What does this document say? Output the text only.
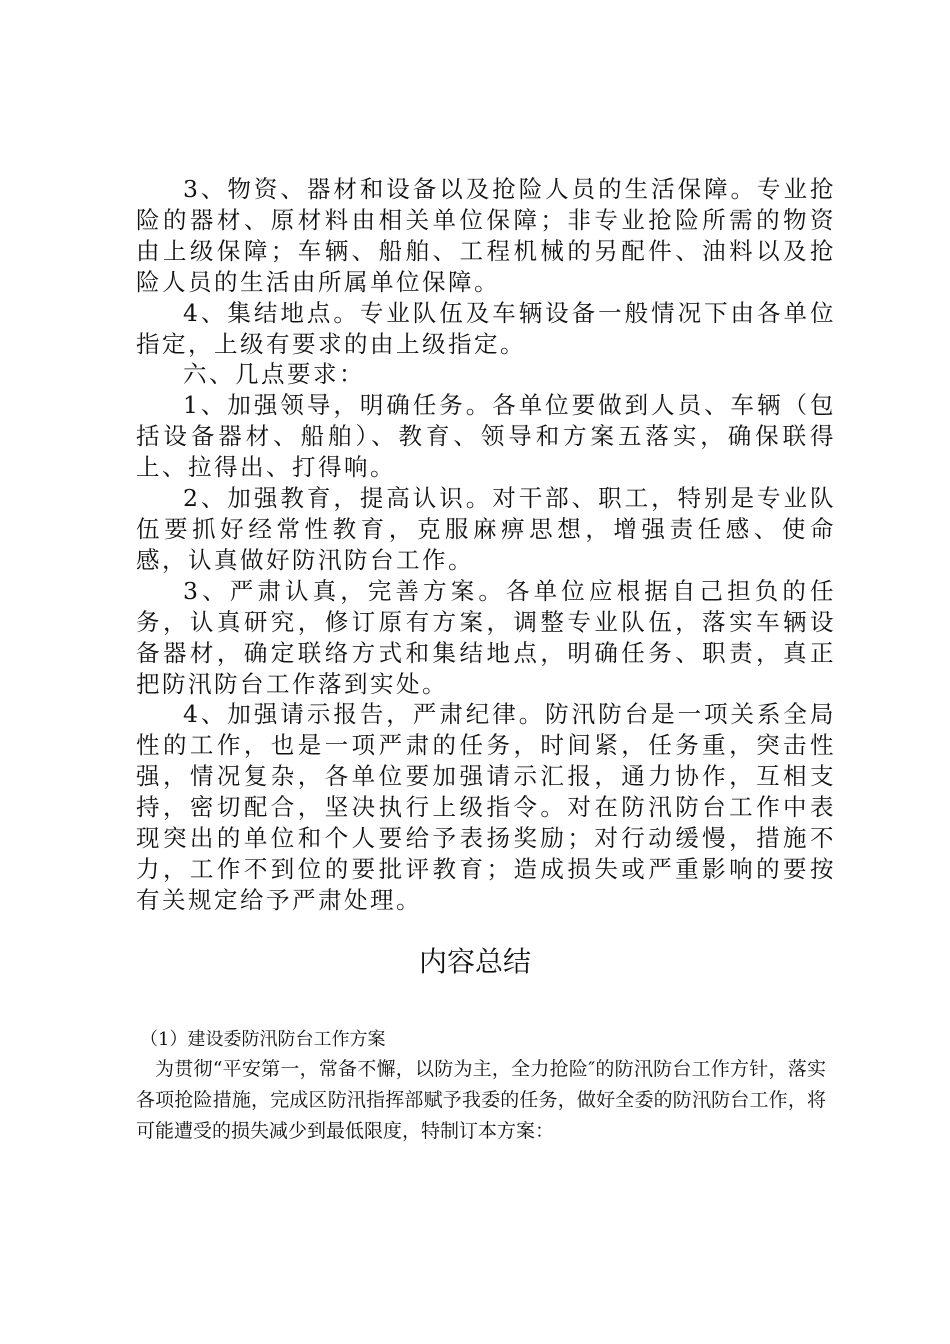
3、物资、器材和设备以及抢险人员的生活保障。专业抢险的器材、原材料由相关单位保障；非专业抢险所需的物资由上级保障；车辆、船舶、工程机械的另配件、油料以及抢险人员的生活由所属单位保障。

4、集结地点。专业队伍及车辆设备一般情况下由各单位指定，上级有要求的由上级指定。

六、几点要求：

1、加强领导，明确任务。各单位要做到人员、车辆（包括设备器材、船舶）、教育、领导和方案五落实，确保联得上、拉得出、打得响。

2、加强教育，提高认识。对干部、职工，特别是专业队伍要抓好经常性教育，克服麻痹思想，增强责任感、使命感，认真做好防汛防台工作。

3、严肃认真，完善方案。各单位应根据自己担负的任务，认真研究，修订原有方案，调整专业队伍，落实车辆设备器材，确定联络方式和集结地点，明确任务、职责，真正把防汛防台工作落到实处。

4、加强请示报告，严肃纪律。防汛防台是一项关系全局性的工作，也是一项严肃的任务，时间紧，任务重，突击性强，情况复杂，各单位要加强请示汇报，通力协作，互相支持，密切配合，坚决执行上级指令。对在防汛防台工作中表现突出的单位和个人要给予表扬奖励；对行动缓慢，措施不力，工作不到位的要批评教育；造成损失或严重影响的要按有关规定给予严肃处理。

内容总结
（1）建设委防汛防台工作方案

为贯彻“平安第一，常备不懈，以防为主，全力抢险″的防汛防台工作方针，落实各项抢险措施，完成区防汛指挥部赋予我委的任务，做好全委的防汛防台工作，将可能遭受的损失减少到最低限度，特制订本方案：
